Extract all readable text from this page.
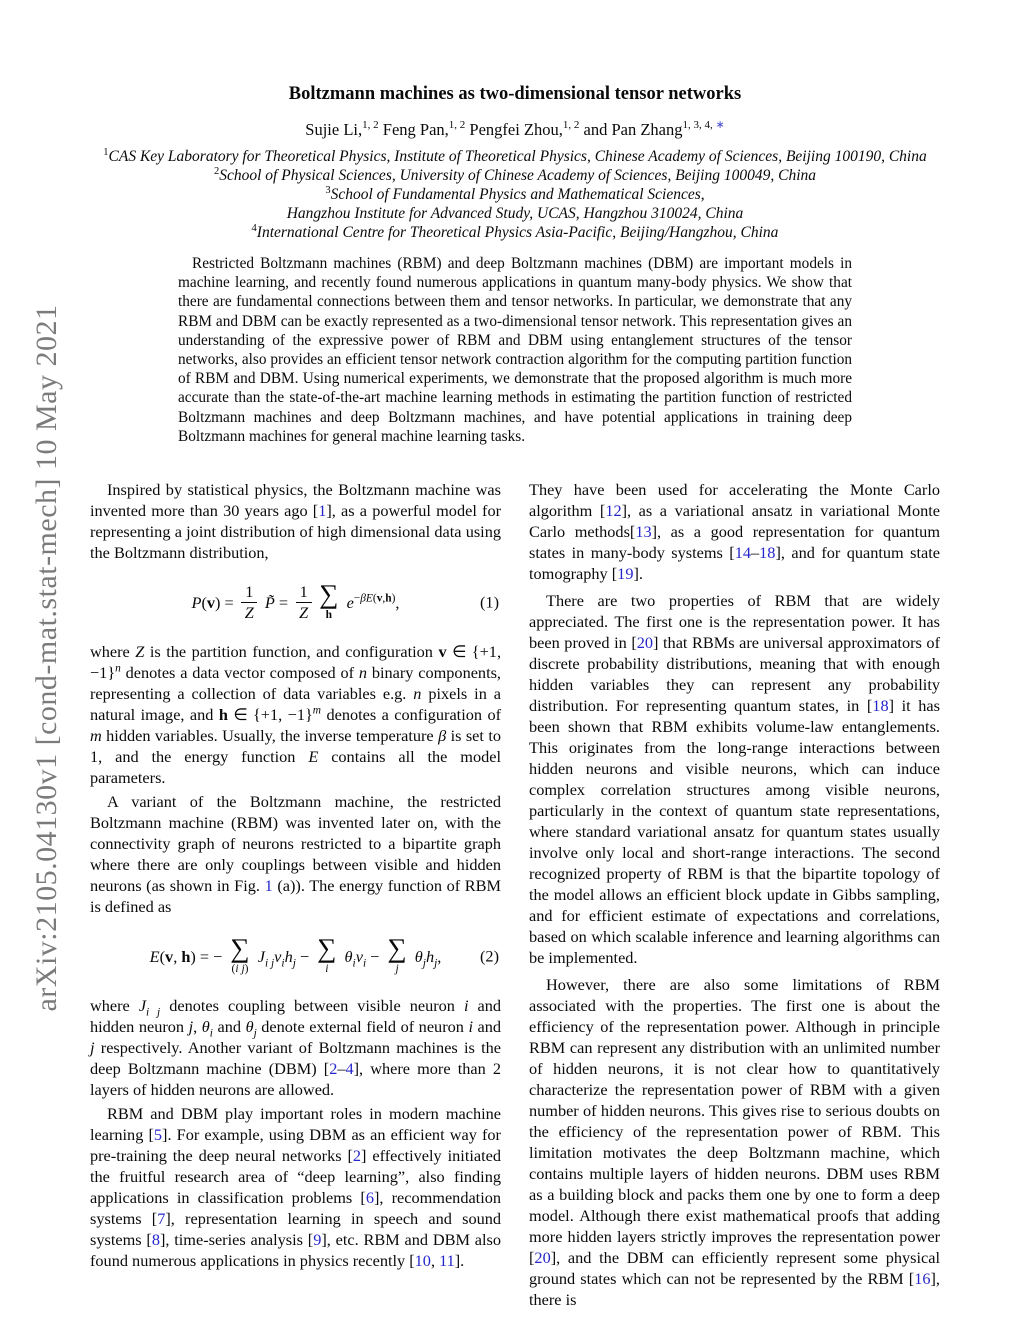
arXiv:2105.04130v1 [cond-mat.stat-mech] 10 May 2021
Boltzmann machines as two-dimensional tensor networks
Sujie Li,$^{1, 2}$ Feng Pan,$^{1, 2}$ Pengfei Zhou,$^{1, 2}$ and Pan Zhang$^{1, 3, 4, ∗}$
$^1$CAS Key Laboratory for Theoretical Physics, Institute of Theoretical Physics, Chinese Academy of Sciences, Beijing 100190, China
$^2$School of Physical Sciences, University of Chinese Academy of Sciences, Beijing 100049, China
$^3$School of Fundamental Physics and Mathematical Sciences,
Hangzhou Institute for Advanced Study, UCAS, Hangzhou 310024, China
$^4$International Centre for Theoretical Physics Asia-Pacific, Beijing/Hangzhou, China
Restricted Boltzmann machines (RBM) and deep Boltzmann machines (DBM) are important models in machine learning, and recently found numerous applications in quantum many-body physics. We show that there are fundamental connections between them and tensor networks. In particular, we demonstrate that any RBM and DBM can be exactly represented as a two-dimensional tensor network. This representation gives an understanding of the expressive power of RBM and DBM using entanglement structures of the tensor networks, also provides an efficient tensor network contraction algorithm for the computing partition function of RBM and DBM. Using numerical experiments, we demonstrate that the proposed algorithm is much more accurate than the state-of-the-art machine learning methods in estimating the partition function of restricted Boltzmann machines and deep Boltzmann machines, and have potential applications in training deep Boltzmann machines for general machine learning tasks.

Inspired by statistical physics, the Boltzmann machine was invented more than 30 years ago [1], as a powerful model for representing a joint distribution of high dimensional data using the Boltzmann distribution,

$P(v) = \frac{1}{Z}$ P̃ = $\frac{1}{Z}$ ∑
h
$e^{-\beta E(v,h)}$,	(1)

where Z is the partition function, and configuration v ∈ {+1, −1}$^n$ denotes a data vector composed of n binary components, representing a collection of data variables e.g. n pixels in a natural image, and h ∈ {+1, −1}$^m$ denotes a configuration of m hidden variables. Usually, the inverse temperature β is set to 1, and the energy function E contains all the model parameters.

A variant of the Boltzmann machine, the restricted Boltzmann machine (RBM) was invented later on, with the connectivity graph of neurons restricted to a bipartite graph where there are only couplings between visible and hidden neurons (as shown in Fig. 1 (a)). The energy function of RBM is defined as

E(v, h) = − ∑
(i j)
$J_{i j}v_ih_j$ − ∑
i
$\theta_iv_i$ − ∑
j
$\theta_jh_j$, (2)

where $J_{i j}$ denotes coupling between visible neuron i and hidden neuron j, $\theta_i$ and $\theta_j$ denote external field of neuron i and j respectively. Another variant of Boltzmann machines is the deep Boltzmann machine (DBM) [2–4], where more than 2 layers of hidden neurons are allowed.

RBM and DBM play important roles in modern machine learning [5]. For example, using DBM as an efficient way for pre-training the deep neural networks [2] effectively initiated the fruitful research area of “deep learning”, also finding applications in classification problems [6], recommendation systems [7], representation learning in speech and sound systems [8], time-series analysis [9], etc. RBM and DBM also found numerous applications in physics recently [10, 11].

They have been used for accelerating the Monte Carlo algorithm [12], as a variational ansatz in variational Monte Carlo methods[13], as a good representation for quantum states in many-body systems [14–18], and for quantum state tomography [19].

There are two properties of RBM that are widely appreciated. The first one is the representation power. It has been proved in [20] that RBMs are universal approximators of discrete probability distributions, meaning that with enough hidden variables they can represent any probability distribution. For representing quantum states, in [18] it has been shown that RBM exhibits volume-law entanglements. This originates from the long-range interactions between hidden neurons and visible neurons, which can induce complex correlation structures among visible neurons, particularly in the context of quantum state representations, where standard variational ansatz for quantum states usually involve only local and short-range interactions. The second recognized property of RBM is that the bipartite topology of the model allows an efficient block update in Gibbs sampling, and for efficient estimate of expectations and correlations, based on which scalable inference and learning algorithms can be implemented.

However, there are also some limitations of RBM associated with the properties. The first one is about the efficiency of the representation power. Although in principle RBM can represent any distribution with an unlimited number of hidden neurons, it is not clear how to quantitatively characterize the representation power of RBM with a given number of hidden neurons. This gives rise to serious doubts on the efficiency of the representation power of RBM. This limitation motivates the deep Boltzmann machine, which contains multiple layers of hidden neurons. DBM uses RBM as a building block and packs them one by one to form a deep model. Although there exist mathematical proofs that adding more hidden layers strictly improves the representation power [20], and the DBM can efficiently represent some physical ground states which can not be represented by the RBM [16], there is
